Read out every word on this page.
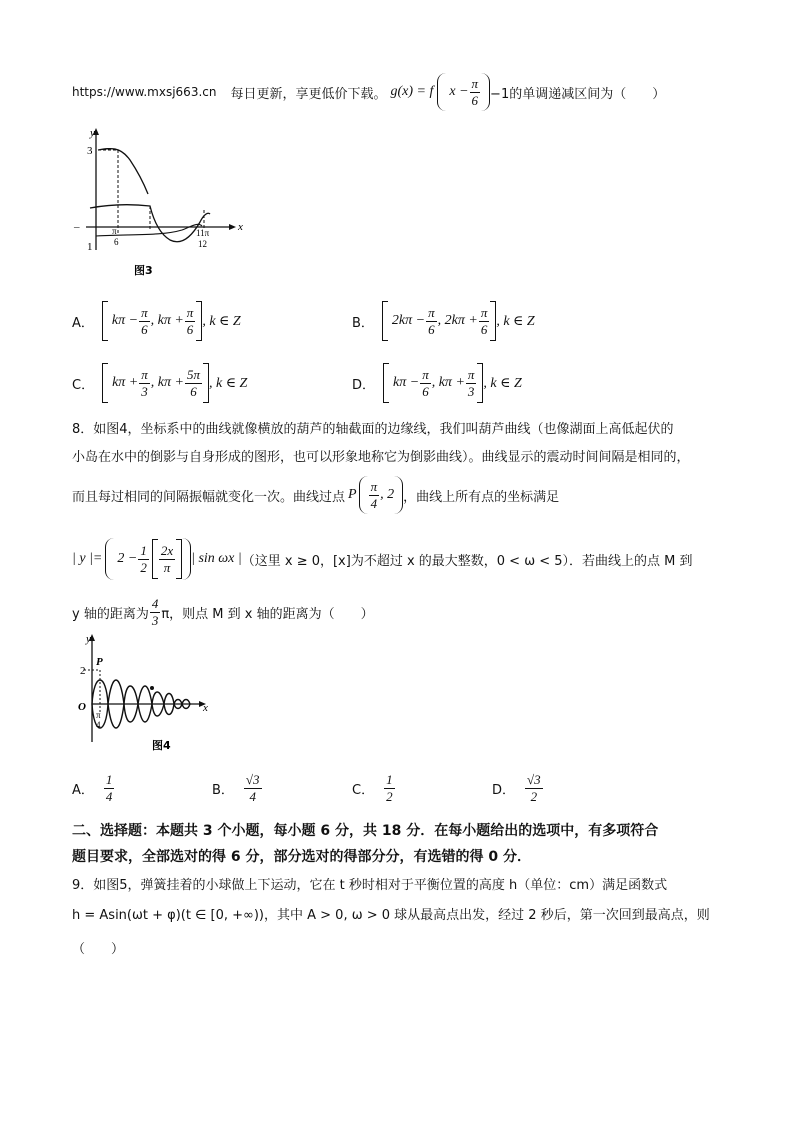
https://www.mxsj663.cn 每日更新，享更低价下载。 g(x) = f $x - \frac{\pi}{6} -1$的单调递减区间为（　　）
y
x
3
1
–	π
6
11π
12
图3
A． $k\pi - \frac{\pi}{6}$ , $k\pi + \frac{\pi}{6}$ , k ∈ Z	B． $2k\pi - \frac{\pi}{6}$ , $2k\pi + \frac{\pi}{6}$ , k ∈ Z
C． $k\pi + \frac{\pi}{3}$ , $k\pi + \frac{5\pi}{6}$ , k ∈ Z	D． $k\pi - \frac{\pi}{6}$ , $k\pi + \frac{\pi}{3}$ , k ∈ Z
8．如图4，坐标系中的曲线就像横放的葫芦的轴截面的边缘线，我们叫葫芦曲线（也像湖面上高低起伏的
小岛在水中的倒影与自身形成的图形，也可以形象地称它为倒影曲线）。曲线显示的震动时间间隔是相同的，
而且每过相同的间隔振幅就变化一次。曲线过点 P $\frac{\pi}{4}$ , 2 ，曲线上所有点的坐标满足
| y |= $2 - \frac{1}{2} \frac{2x}{\pi}$ | sin ωx | （这里 x ≥ 0，[x]为不超过 x 的最大整数，0 < ω < 5）．若曲线上的点 M 到
y 轴的距离为 $\frac{4}{3}$ π，则点 M 到 x 轴的距离为（　　）
y
x
P
2
O
π
4
图4
A． $\frac{1}{4}$	B． $\frac{√3}{4}$	C． $\frac{1}{2}$	D． $\frac{√3}{2}$
二、选择题：本题共 3 个小题，每小题 6 分，共 18 分．在每小题给出的选项中，有多项符合
题目要求，全部选对的得 6 分，部分选对的得部分分，有选错的得 0 分．
9．如图5，弹簧挂着的小球做上下运动，它在 t 秒时相对于平衡位置的高度 h（单位：cm）满足函数式
h = Asin(ωt + φ)(t ∈ [0, +∞))，其中 A > 0, ω > 0 球从最高点出发，经过 2 秒后，第一次回到最高点，则
（　　）
